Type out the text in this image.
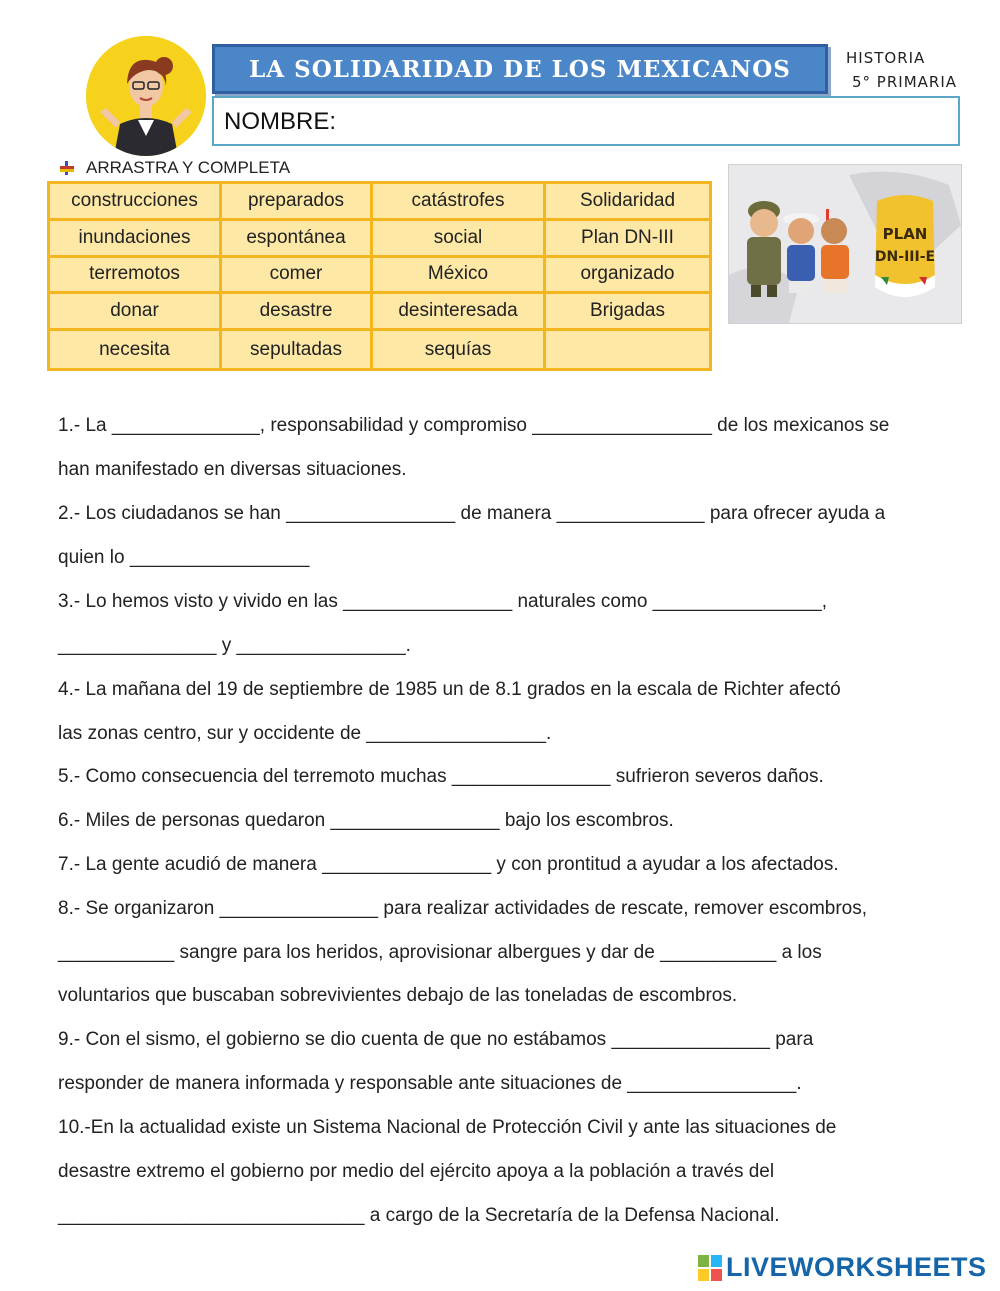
LA SOLIDARIDAD DE LOS MEXICANOS	HISTORIA
5° PRIMARIA
NOMBRE:
ARRASTRA Y COMPLETA
construcciones	preparados	catástrofes	Solidaridad
inundaciones	espontánea	social	Plan DN-III
terremotos	comer	México	organizado
donar	desastre	desinteresada	Brigadas
necesita	sepultadas	sequías
PLAN
DN-III-E
1.- La ______________, responsabilidad y compromiso _________________ de los mexicanos se
han manifestado en diversas situaciones.
2.- Los ciudadanos se han ________________ de manera ______________ para ofrecer ayuda a
quien lo _________________
3.- Lo hemos visto y vivido en las ________________ naturales como ________________,
_______________ y ________________.
4.- La mañana del 19 de septiembre de 1985 un de 8.1 grados en la escala de Richter afectó
las zonas centro, sur y occidente de _________________.
5.- Como consecuencia del terremoto muchas _______________ sufrieron severos daños.
6.- Miles de personas quedaron ________________ bajo los escombros.
7.- La gente acudió de manera ________________ y con prontitud a ayudar a los afectados.
8.- Se organizaron _______________ para realizar actividades de rescate, remover escombros,
___________ sangre para los heridos, aprovisionar albergues y dar de ___________ a los
voluntarios que buscaban sobrevivientes debajo de las toneladas de escombros.
9.- Con el sismo, el gobierno se dio cuenta de que no estábamos _______________ para
responder de manera informada y responsable ante situaciones de ________________.
10.-En la actualidad existe un Sistema Nacional de Protección Civil y ante las situaciones de
desastre extremo el gobierno por medio del ejército apoya a la población a través del
_____________________________ a cargo de la Secretaría de la Defensa Nacional.
LIVEWORKSHEETS
